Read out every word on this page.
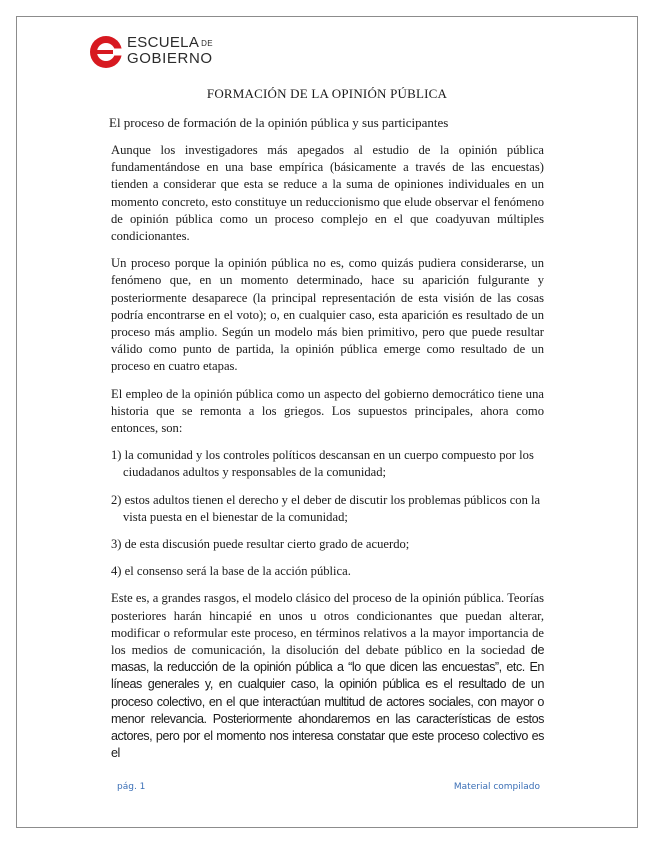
ESCUELA DE
GOBIERNO
FORMACIÓN DE LA OPINIÓN PÚBLICA
El proceso de formación de la opinión pública y sus participantes

Aunque los investigadores más apegados al estudio de la opinión pública fundamentándose en una base empírica (básicamente a través de las encuestas) tienden a considerar que esta se reduce a la suma de opiniones individuales en un momento concreto, esto constituye un reduccionismo que elude observar el fenómeno de opinión pública como un proceso complejo en el que coadyuvan múltiples condicionantes.

Un proceso porque la opinión pública no es, como quizás pudiera considerarse, un fenómeno que, en un momento determinado, hace su aparición fulgurante y posteriormente desaparece (la principal representación de esta visión de las cosas podría encontrarse en el voto); o, en cualquier caso, esta aparición es resultado de un proceso más amplio. Según un modelo más bien primitivo, pero que puede resultar válido como punto de partida, la opinión pública emerge como resultado de un proceso en cuatro etapas.

El empleo de la opinión pública como un aspecto del gobierno democrático tiene una historia que se remonta a los griegos. Los supuestos principales, ahora como entonces, son:

1) la comunidad y los controles políticos descansan en un cuerpo compuesto por los ciudadanos adultos y responsables de la comunidad;

2) estos adultos tienen el derecho y el deber de discutir los problemas públicos con la vista puesta en el bienestar de la comunidad;

3) de esta discusión puede resultar cierto grado de acuerdo;

4) el consenso será la base de la acción pública.

Este es, a grandes rasgos, el modelo clásico del proceso de la opinión pública. Teorías posteriores harán hincapié en unos u otros condicionantes que puedan alterar, modificar o reformular este proceso, en términos relativos a la mayor importancia de los medios de comunicación, la disolución del debate público en la sociedad de masas, la reducción de la opinión pública a “lo que dicen las encuestas”, etc. En líneas generales y, en cualquier caso, la opinión pública es el resultado de un proceso colectivo, en el que interactúan multitud de actores sociales, con mayor o menor relevancia. Posteriormente ahondaremos en las características de estos actores, pero por el momento nos interesa constatar que este proceso colectivo es el

pág. 1	Material compilado
